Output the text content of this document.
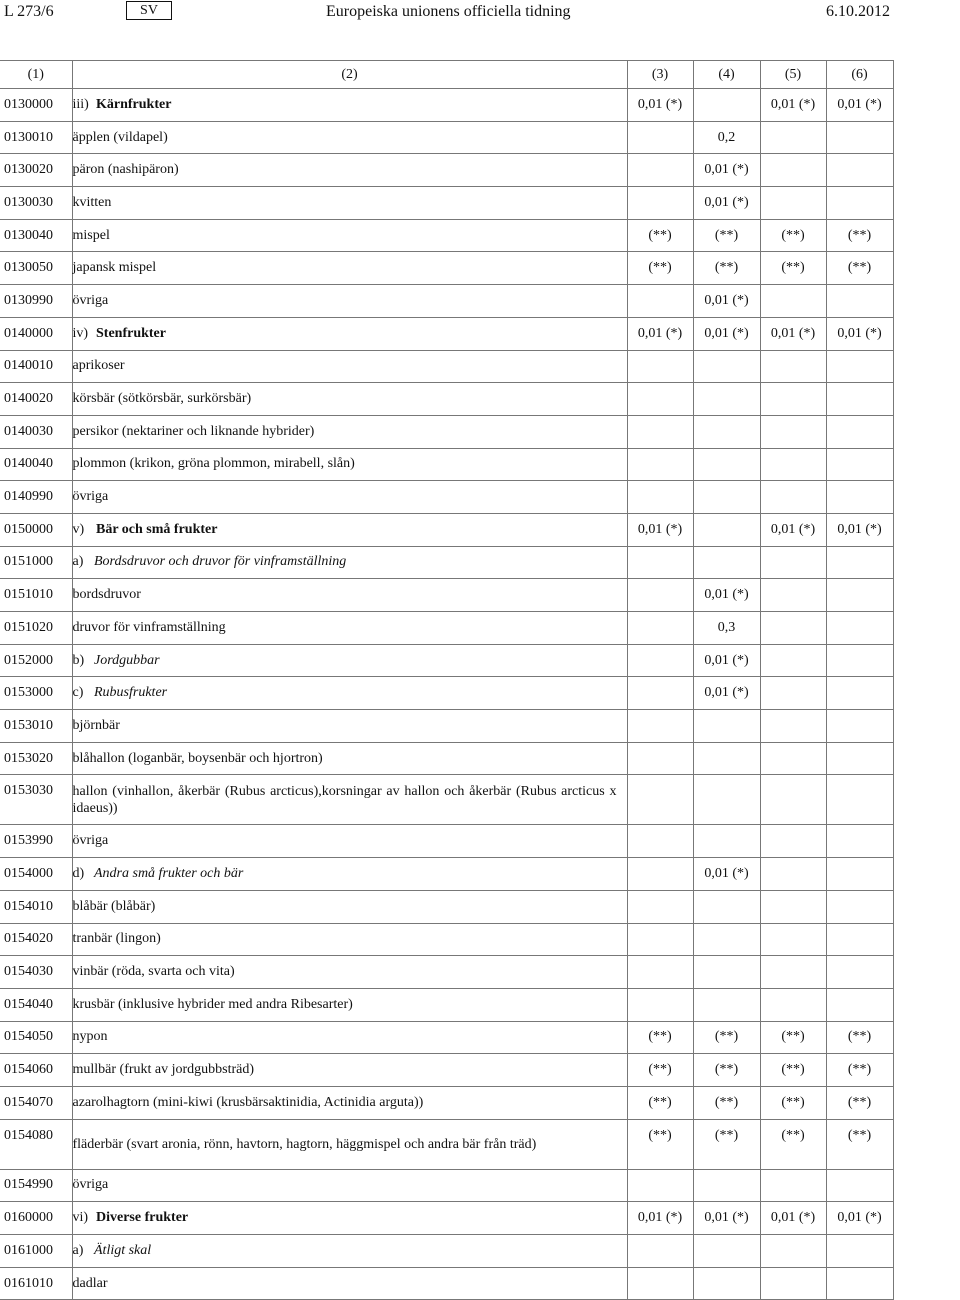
L 273/6	SV	Europeiska unionens officiella tidning	6.10.2012
(1)	(2)	(3)	(4)	(5)	(6)
0130000	iii) Kärnfrukter	0,01 (*)		0,01 (*)	0,01 (*)
0130010	äpplen (vildapel)		0,2		
0130020	päron (nashipäron)		0,01 (*)		
0130030	kvitten		0,01 (*)		
0130040	mispel	(**)	(**)	(**)	(**)
0130050	japansk mispel	(**)	(**)	(**)	(**)
0130990	övriga		0,01 (*)		
0140000	iv) Stenfrukter	0,01 (*)	0,01 (*)	0,01 (*)	0,01 (*)
0140010	aprikoser				
0140020	körsbär (sötkörsbär, surkörsbär)				
0140030	persikor (nektariner och liknande hybrider)				
0140040	plommon (krikon, gröna plommon, mirabell, slån)				
0140990	övriga				
0150000	v) Bär och små frukter	0,01 (*)		0,01 (*)	0,01 (*)
0151000	a) Bordsdruvor och druvor för vinframställning				
0151010	bordsdruvor		0,01 (*)		
0151020	druvor för vinframställning		0,3		
0152000	b) Jordgubbar		0,01 (*)		
0153000	c) Rubusfrukter		0,01 (*)		
0153010	björnbär				
0153020	blåhallon (loganbär, boysenbär och hjortron)				
0153030	hallon (vinhallon, åkerbär (Rubus arcticus),korsningar av hallon och åkerbär (Rubus arcticus x idaeus))				
0153990	övriga				
0154000	d) Andra små frukter och bär		0,01 (*)		
0154010	blåbär (blåbär)				
0154020	tranbär (lingon)				
0154030	vinbär (röda, svarta och vita)				
0154040	krusbär (inklusive hybrider med andra Ribesarter)				
0154050	nypon	(**)	(**)	(**)	(**)
0154060	mullbär (frukt av jordgubbsträd)	(**)	(**)	(**)	(**)
0154070	azarolhagtorn (mini-kiwi (krusbärsaktinidia, Actinidia arguta))	(**)	(**)	(**)	(**)
0154080	fläderbär (svart aronia, rönn, havtorn, hagtorn, häggmispel och andra bär från träd)	(**)	(**)	(**)	(**)
0154990	övriga				
0160000	vi) Diverse frukter	0,01 (*)	0,01 (*)	0,01 (*)	0,01 (*)
0161000	a) Ätligt skal				
0161010	dadlar				
